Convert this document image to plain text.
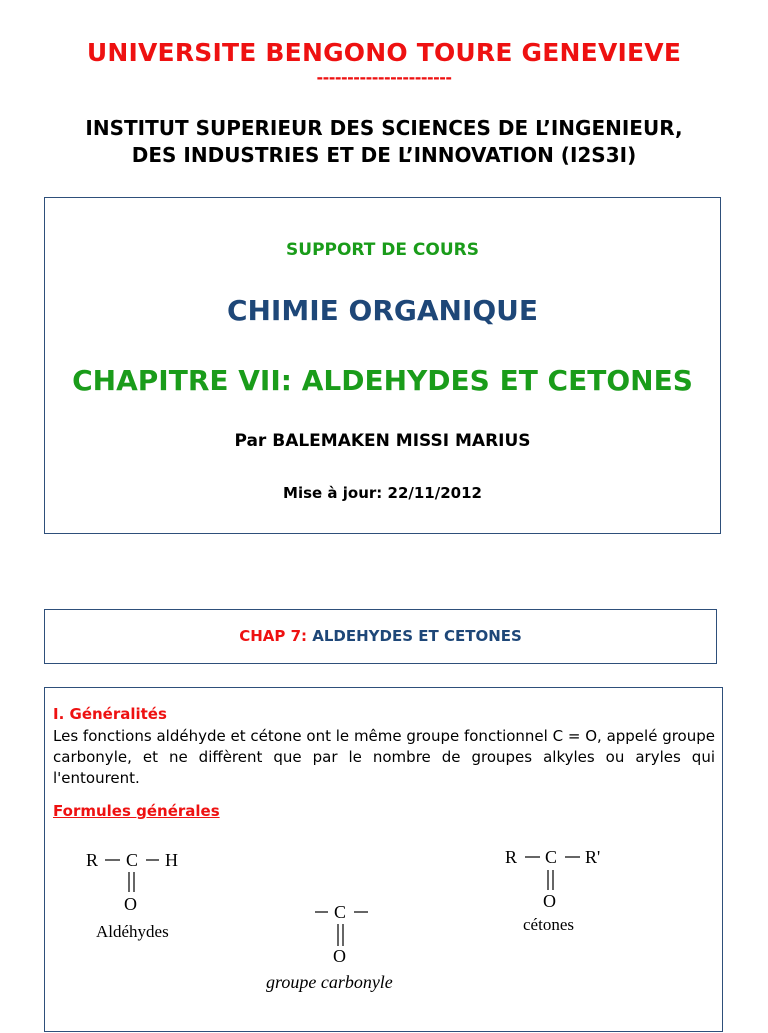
UNIVERSITE BENGONO TOURE GENEVIEVE
----------------------
INSTITUT SUPERIEUR DES SCIENCES DE L’INGENIEUR,
DES INDUSTRIES ET DE L’INNOVATION (I2S3I)
SUPPORT DE COURS
CHIMIE ORGANIQUE
CHAPITRE VII: ALDEHYDES ET CETONES
Par BALEMAKEN MISSI MARIUS
Mise à jour: 22/11/2012
CHAP 7: ALDEHYDES ET CETONES
I. Généralités
Les fonctions aldéhyde et cétone ont le même groupe fonctionnel C = O, appelé groupe carbonyle, et ne diffèrent que par le nombre de groupes alkyles ou aryles qui l'entourent.
Formules générales
R C H
O
Aldéhydes
C
O
groupe carbonyle
R C R'
O
cétones
